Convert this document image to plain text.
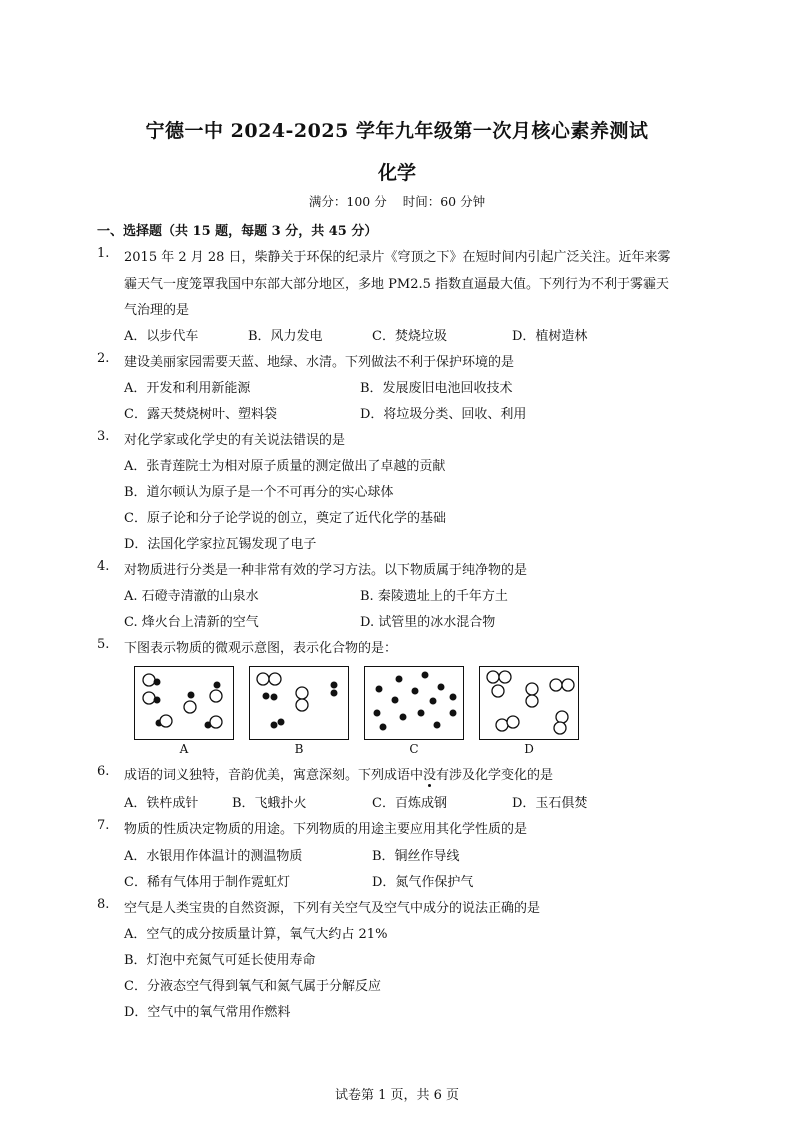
宁德一中 2024-2025 学年九年级第一次月核心素养测试
化学
满分：100 分 时间：60 分钟
一、选择题（共 15 题，每题 3 分，共 45 分）
1.	2015 年 2 月 28 日，柴静关于环保的纪录片《穹顶之下》在短时间内引起广泛关注。近年来雾
霾天气一度笼罩我国中东部大部分地区，多地 PM2.5 指数直逼最大值。下列行为不利于雾霾天
气治理的是
A．以步代车	B．风力发电	C．焚烧垃圾	D．植树造林
2.	建设美丽家园需要天蓝、地绿、水清。下列做法不利于保护环境的是
A．开发和利用新能源	B．发展废旧电池回收技术
C．露天焚烧树叶、塑料袋	D．将垃圾分类、回收、利用
3.	对化学家或化学史的有关说法错误的是
A．张青莲院士为相对原子质量的测定做出了卓越的贡献
B．道尔顿认为原子是一个不可再分的实心球体
C．原子论和分子论学说的创立，奠定了近代化学的基础
D．法国化学家拉瓦锡发现了电子
4.	对物质进行分类是一种非常有效的学习方法。以下物质属于纯净物的是
A. 石磴寺清澈的山泉水	B. 秦陵遗址上的千年方土
C. 烽火台上清新的空气	D. 试管里的冰水混合物
5.	下图表示物质的微观示意图，表示化合物的是：
A	B	C	D
6.	成语的词义独特，音韵优美，寓意深刻。下列成语中没有涉及化学变化的是
A．铁杵成针	B．飞蛾扑火	C．百炼成钢	D．玉石俱焚
7.	物质的性质决定物质的用途。下列物质的用途主要应用其化学性质的是
A．水银用作体温计的测温物质	B．铜丝作导线
C．稀有气体用于制作霓虹灯	D．氮气作保护气
8.	空气是人类宝贵的自然资源，下列有关空气及空气中成分的说法正确的是
A．空气的成分按质量计算，氧气大约占 21%
B．灯泡中充氮气可延长使用寿命
C．分液态空气得到氧气和氮气属于分解反应
D．空气中的氧气常用作燃料
试卷第 1 页，共 6 页
